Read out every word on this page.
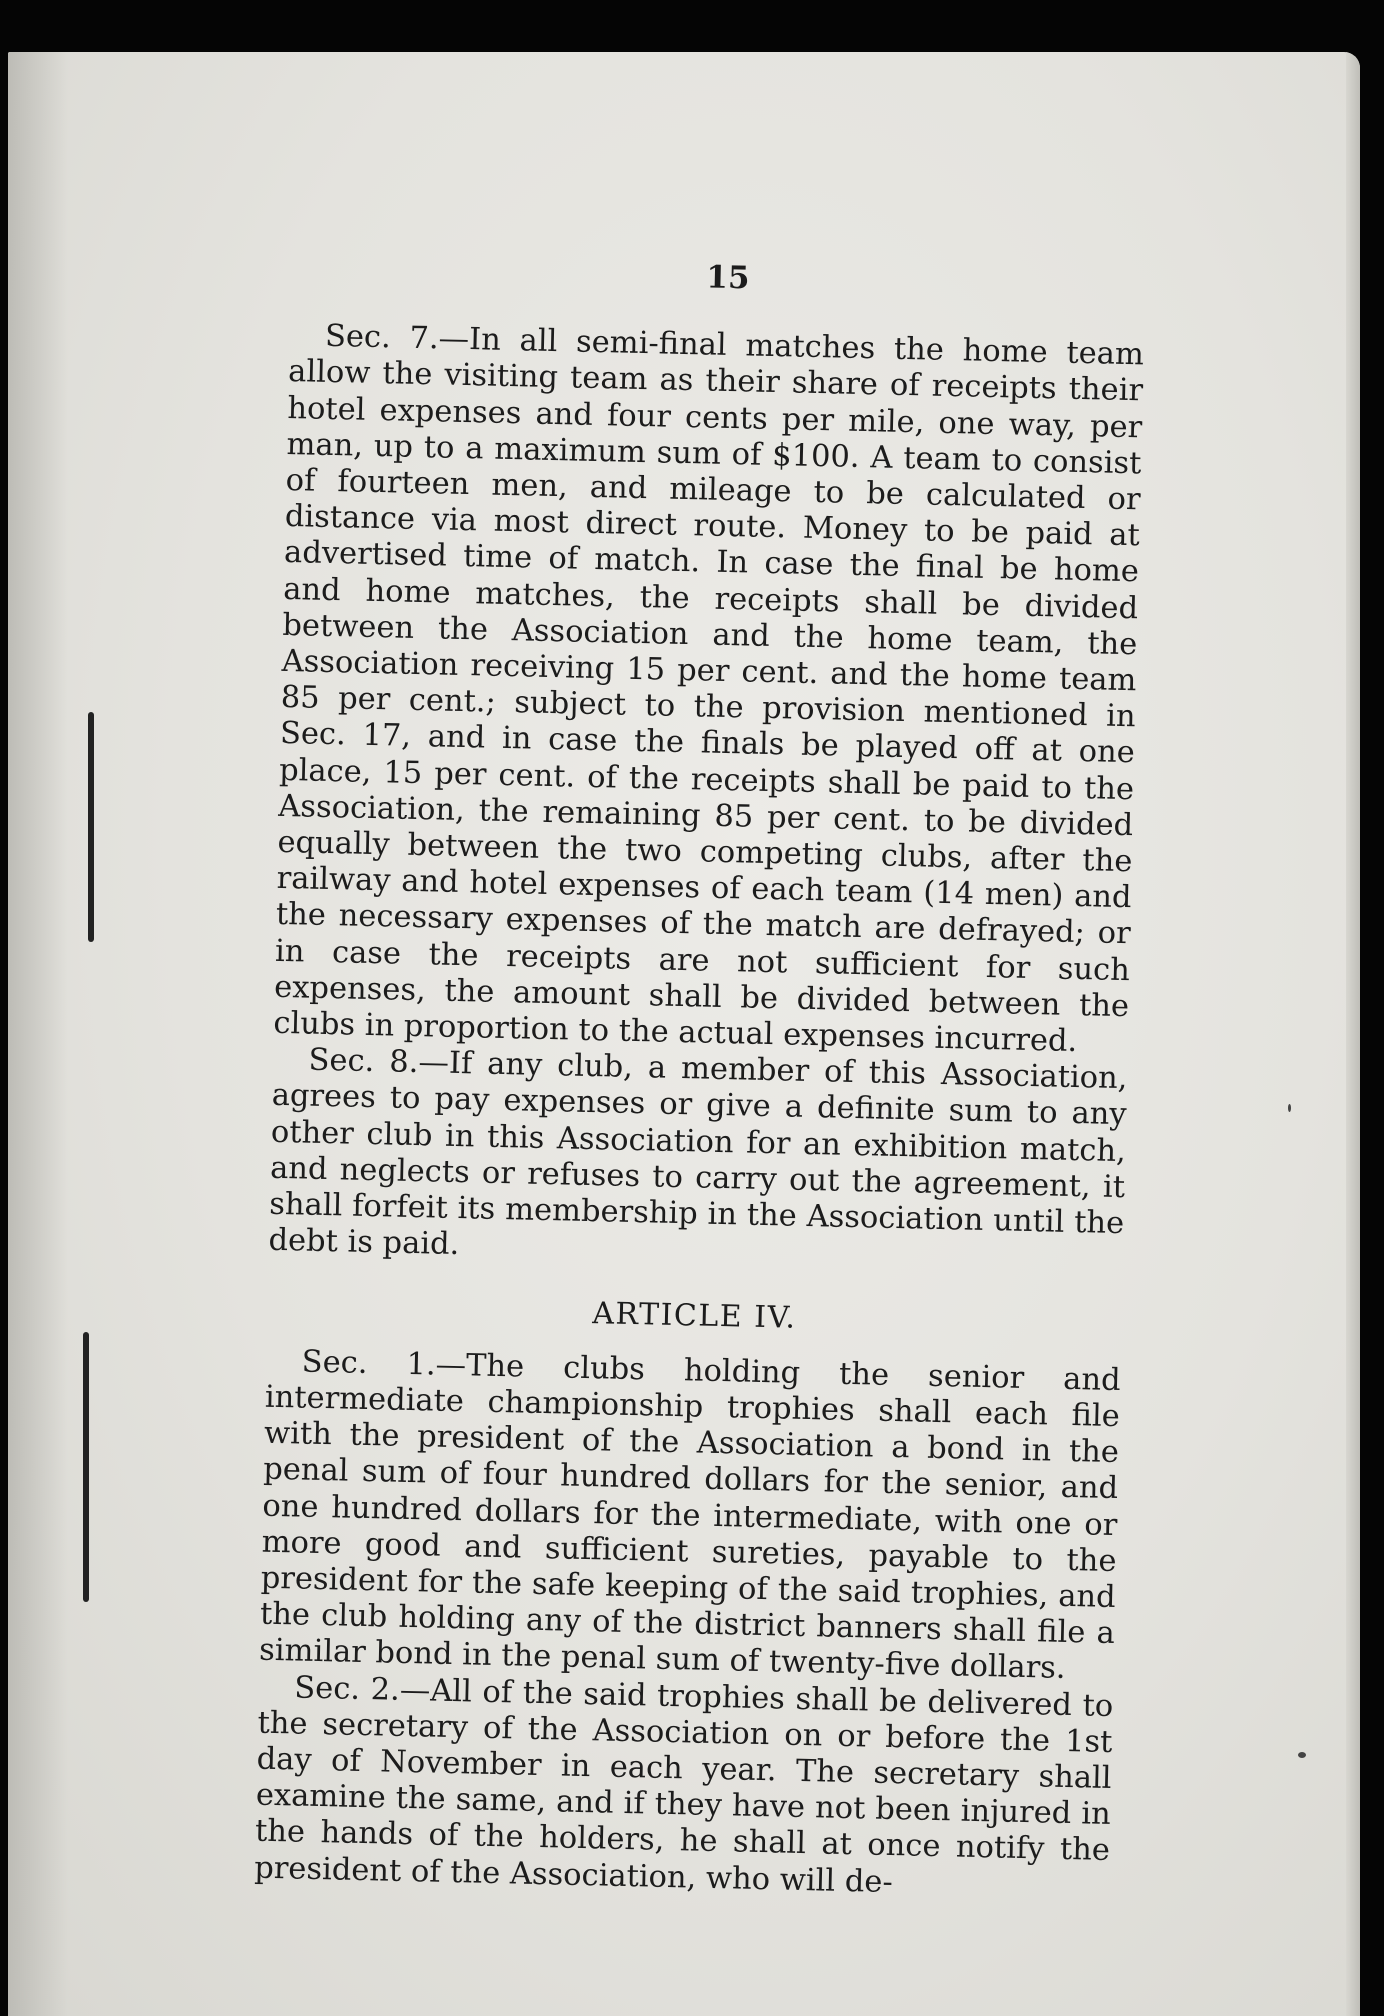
15

Sec. 7.—In all semi-final matches the home team allow the visiting team as their share of receipts their hotel expenses and four cents per mile, one way, per man, up to a maximum sum of $100. A team to consist of fourteen men, and mileage to be calculated or distance via most direct route. Money to be paid at advertised time of match. In case the final be home and home matches, the receipts shall be divided between the Association and the home team, the Association receiving 15 per cent. and the home team 85 per cent.; subject to the provision mentioned in Sec. 17, and in case the finals be played off at one place, 15 per cent. of the receipts shall be paid to the Association, the remaining 85 per cent. to be divided equally between the two competing clubs, after the railway and hotel expenses of each team (14 men) and the necessary expenses of the match are defrayed; or in case the receipts are not sufficient for such expenses, the amount shall be divided between the clubs in proportion to the actual expenses incurred.

Sec. 8.—If any club, a member of this Association, agrees to pay expenses or give a definite sum to any other club in this Association for an exhibition match, and neglects or refuses to carry out the agreement, it shall forfeit its membership in the Association until the debt is paid.

ARTICLE IV.

Sec. 1.—The clubs holding the senior and intermediate championship trophies shall each file with the president of the Association a bond in the penal sum of four hundred dollars for the senior, and one hundred dollars for the intermediate, with one or more good and sufficient sureties, payable to the president for the safe keeping of the said trophies, and the club holding any of the district banners shall file a similar bond in the penal sum of twenty-five dollars.

Sec. 2.—All of the said trophies shall be delivered to the secretary of the Association on or before the 1st day of November in each year. The secretary shall examine the same, and if they have not been injured in the hands of the holders, he shall at once notify the president of the Association, who will de-
